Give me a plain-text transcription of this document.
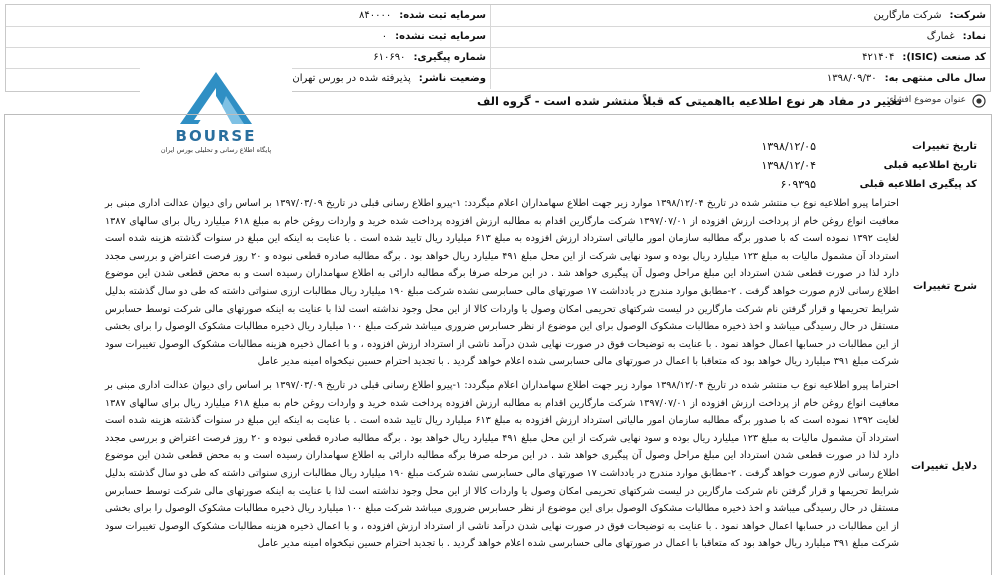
شرکت:شرکت مارگارین
سرمایه ثبت شده:۸۴۰۰۰۰
نماد:غمارگ
سرمایه ثبت نشده:۰
کد صنعت (ISIC):۴۲۱۴۰۴
شماره پیگیری:۶۱۰۶۹۰
سال مالی منتهی به:۱۳۹۸/۰۹/۳۰
وضعیت ناشر:پذیرفته شده در بورس تهران
BOURSE
پایگاه اطلاع رسانی و تحلیلی بورس ایران
عنوان موضوع افشاء:
تغییر در مفاد هر نوع اطلاعیه بااهمیتی که قبلاً منتشر شده است - گروه الف
تاریخ تغییرات
۱۳۹۸/۱۲/۰۵
تاریخ اطلاعیه قبلی
۱۳۹۸/۱۲/۰۴
کد پیگیری اطلاعیه قبلی
۶۰۹۳۹۵
شرح تغییرات
احتراما پیرو اطلاعیه نوع ب منتشر شده در تاریخ ۱۳۹۸/۱۲/۰۴ موارد زیر جهت اطلاع سهامداران اعلام میگردد: ۱-پیرو اطلاع رسانی قبلی در تاریخ ۱۳۹۷/۰۳/۰۹ بر اساس رای دیوان عدالت اداری مبنی بر معافیت انواع روغن خام از پرداخت ارزش افزوده از ۱۳۹۷/۰۷/۰۱ شرکت مارگارین اقدام به مطالبه ارزش افزوده پرداخت شده خرید و واردات روغن خام به مبلغ ۶۱۸ میلیارد ریال برای سالهای ۱۳۸۷ لغایت ۱۳۹۲ نموده است که با صدور برگه مطالبه سازمان امور مالیاتی استرداد ارزش افزوده به مبلغ ۶۱۳ میلیارد ریال تایید شده است . با عنایت به اینکه این مبلغ در سنوات گذشته هزینه شده است استرداد آن مشمول مالیات به مبلغ ۱۲۳ میلیارد ریال بوده و سود نهایی شرکت از این محل مبلغ ۴۹۱ میلیارد ریال خواهد بود . برگه مطالبه صادره قطعی نبوده و ۲۰ روز فرصت اعتراض و بررسی مجدد دارد لذا در صورت قطعی شدن استرداد این مبلغ مراحل وصول آن پیگیری خواهد شد . در این مرحله صرفا برگه مطالبه دارائی به اطلاع سهامداران رسیده است و به محض قطعی شدن این موضوع اطلاع رسانی لازم صورت خواهد گرفت . ۲-مطابق موارد مندرج در یادداشت ۱۷ صورتهای مالی حسابرسی نشده شرکت مبلغ ۱۹۰ میلیارد ریال مطالبات ارزی سنواتی داشته که طی دو سال گذشته بدلیل شرایط تحریمها و قرار گرفتن نام شرکت مارگارین در لیست شرکتهای تحریمی امکان وصول یا واردات کالا از این محل وجود نداشته است لذا با عنایت به اینکه صورتهای مالی شرکت توسط حسابرس مستقل در حال رسیدگی میباشد و اخذ ذخیره مطالبات مشکوک الوصول برای این موضوع از نظر حسابرس ضروری میباشد شرکت مبلغ ۱۰۰ میلیارد ریال ذخیره مطالبات مشکوک الوصول را برای بخشی از این مطالبات در حسابها اعمال خواهد نمود . با عنایت به توضیحات فوق در صورت نهایی شدن درآمد ناشی از استرداد ارزش افزوده ، و با اعمال ذخیره هزینه مطالبات مشکوک الوصول تغییرات سود شرکت مبلغ ۳۹۱ میلیارد ریال خواهد بود که متعاقبا با اعمال در صورتهای مالی حسابرسی شده اعلام خواهد گردید . با تجدید احترام حسین نیکخواه امینه مدیر عامل
دلایل تغییرات
احتراما پیرو اطلاعیه نوع ب منتشر شده در تاریخ ۱۳۹۸/۱۲/۰۴ موارد زیر جهت اطلاع سهامداران اعلام میگردد: ۱-پیرو اطلاع رسانی قبلی در تاریخ ۱۳۹۷/۰۳/۰۹ بر اساس رای دیوان عدالت اداری مبنی بر معافیت انواع روغن خام از پرداخت ارزش افزوده از ۱۳۹۷/۰۷/۰۱ شرکت مارگارین اقدام به مطالبه ارزش افزوده پرداخت شده خرید و واردات روغن خام به مبلغ ۶۱۸ میلیارد ریال برای سالهای ۱۳۸۷ لغایت ۱۳۹۲ نموده است که با صدور برگه مطالبه سازمان امور مالیاتی استرداد ارزش افزوده به مبلغ ۶۱۳ میلیارد ریال تایید شده است . با عنایت به اینکه این مبلغ در سنوات گذشته هزینه شده است استرداد آن مشمول مالیات به مبلغ ۱۲۳ میلیارد ریال بوده و سود نهایی شرکت از این محل مبلغ ۴۹۱ میلیارد ریال خواهد بود . برگه مطالبه صادره قطعی نبوده و ۲۰ روز فرصت اعتراض و بررسی مجدد دارد لذا در صورت قطعی شدن استرداد این مبلغ مراحل وصول آن پیگیری خواهد شد . در این مرحله صرفا برگه مطالبه دارائی به اطلاع سهامداران رسیده است و به محض قطعی شدن این موضوع اطلاع رسانی لازم صورت خواهد گرفت . ۲-مطابق موارد مندرج در یادداشت ۱۷ صورتهای مالی حسابرسی نشده شرکت مبلغ ۱۹۰ میلیارد ریال مطالبات ارزی سنواتی داشته که طی دو سال گذشته بدلیل شرایط تحریمها و قرار گرفتن نام شرکت مارگارین در لیست شرکتهای تحریمی امکان وصول یا واردات کالا از این محل وجود نداشته است لذا با عنایت به اینکه صورتهای مالی شرکت توسط حسابرس مستقل در حال رسیدگی میباشد و اخذ ذخیره مطالبات مشکوک الوصول برای این موضوع از نظر حسابرس ضروری میباشد شرکت مبلغ ۱۰۰ میلیارد ریال ذخیره مطالبات مشکوک الوصول را برای بخشی از این مطالبات در حسابها اعمال خواهد نمود . با عنایت به توضیحات فوق در صورت نهایی شدن درآمد ناشی از استرداد ارزش افزوده ، و با اعمال ذخیره هزینه مطالبات مشکوک الوصول تغییرات سود شرکت مبلغ ۳۹۱ میلیارد ریال خواهد بود که متعاقبا با اعمال در صورتهای مالی حسابرسی شده اعلام خواهد گردید . با تجدید احترام حسین نیکخواه امینه مدیر عامل
